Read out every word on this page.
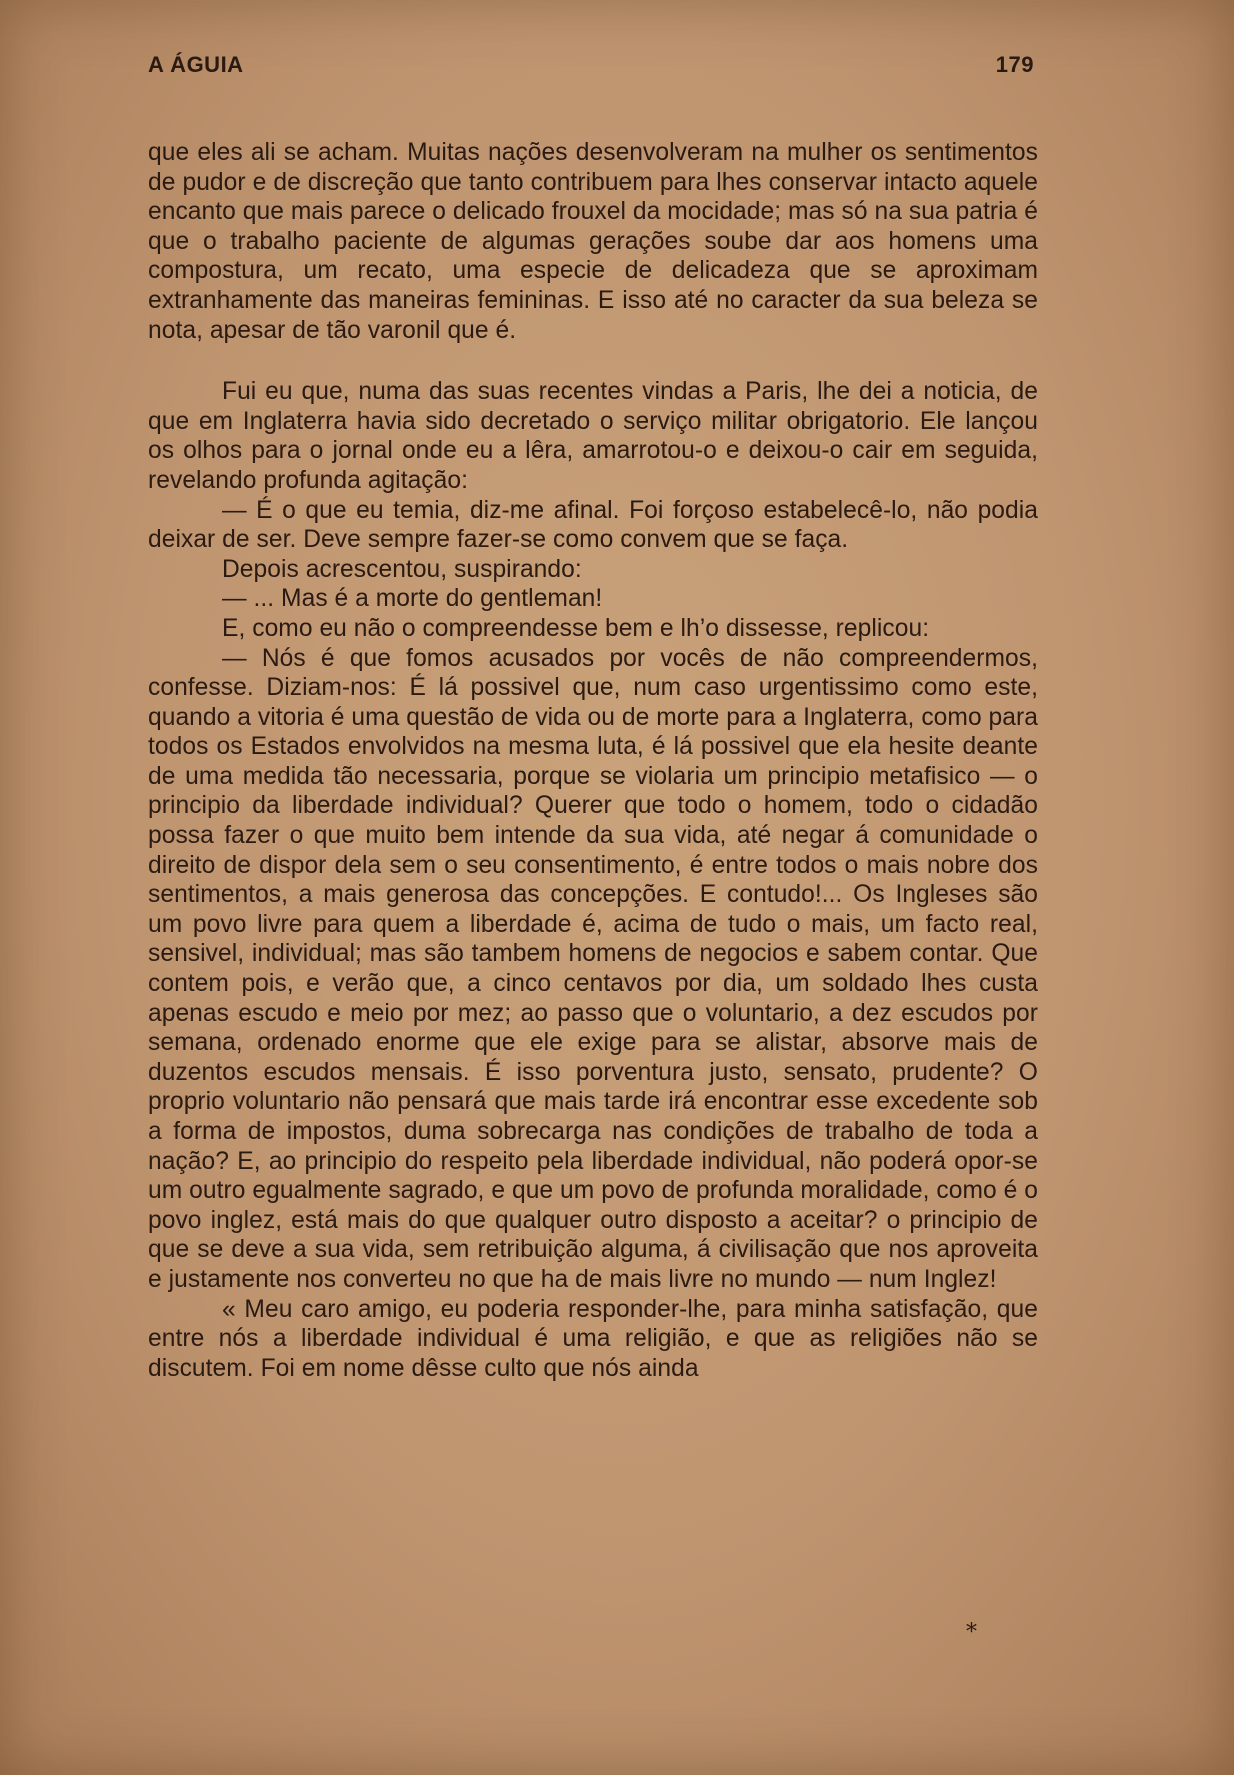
A ÁGUIA	179

que eles ali se acham. Muitas nações desenvolveram na mulher os sentimentos de pudor e de discreção que tanto contribuem para lhes conservar intacto aquele encanto que mais parece o delicado frouxel da mocidade; mas só na sua patria é que o trabalho paciente de algumas gerações soube dar aos homens uma compostura, um recato, uma especie de delicadeza que se aproximam extranhamente das maneiras femininas. E isso até no caracter da sua beleza se nota, apesar de tão varonil que é.

Fui eu que, numa das suas recentes vindas a Paris, lhe dei a noticia, de que em Inglaterra havia sido decretado o serviço militar obrigatorio. Ele lançou os olhos para o jornal onde eu a lêra, amarrotou-o e deixou-o cair em seguida, revelando profunda agitação:

— É o que eu temia, diz-me afinal. Foi forçoso estabelecê-lo, não podia deixar de ser. Deve sempre fazer-se como convem que se faça.

Depois acrescentou, suspirando:

— ... Mas é a morte do gentleman!

E, como eu não o compreendesse bem e lh’o dissesse, replicou:

— Nós é que fomos acusados por vocês de não compreendermos, confesse. Diziam-nos: É lá possivel que, num caso urgentissimo como este, quando a vitoria é uma questão de vida ou de morte para a Inglaterra, como para todos os Estados envolvidos na mesma luta, é lá possivel que ela hesite deante de uma medida tão necessaria, porque se violaria um principio metafisico — o principio da liberdade individual? Querer que todo o homem, todo o cidadão possa fazer o que muito bem intende da sua vida, até negar á comunidade o direito de dispor dela sem o seu consentimento, é entre todos o mais nobre dos sentimentos, a mais generosa das concepções. E contudo!... Os Ingleses são um povo livre para quem a liberdade é, acima de tudo o mais, um facto real, sensivel, individual; mas são tambem homens de negocios e sabem contar. Que contem pois, e verão que, a cinco centavos por dia, um soldado lhes custa apenas escudo e meio por mez; ao passo que o voluntario, a dez escudos por semana, ordenado enorme que ele exige para se alistar, absorve mais de duzentos escudos mensais. É isso porventura justo, sensato, prudente? O proprio voluntario não pensará que mais tarde irá encontrar esse excedente sob a forma de impostos, duma sobrecarga nas condições de trabalho de toda a nação? E, ao principio do respeito pela liberdade individual, não poderá opor-se um outro egualmente sagrado, e que um povo de profunda moralidade, como é o povo inglez, está mais do que qualquer outro disposto a aceitar? o principio de que se deve a sua vida, sem retribuição alguma, á civilisação que nos aproveita e justamente nos converteu no que ha de mais livre no mundo — num Inglez!

« Meu caro amigo, eu poderia responder-lhe, para minha satisfação, que entre nós a liberdade individual é uma religião, e que as religiões não se discutem. Foi em nome dêsse culto que nós ainda

*
